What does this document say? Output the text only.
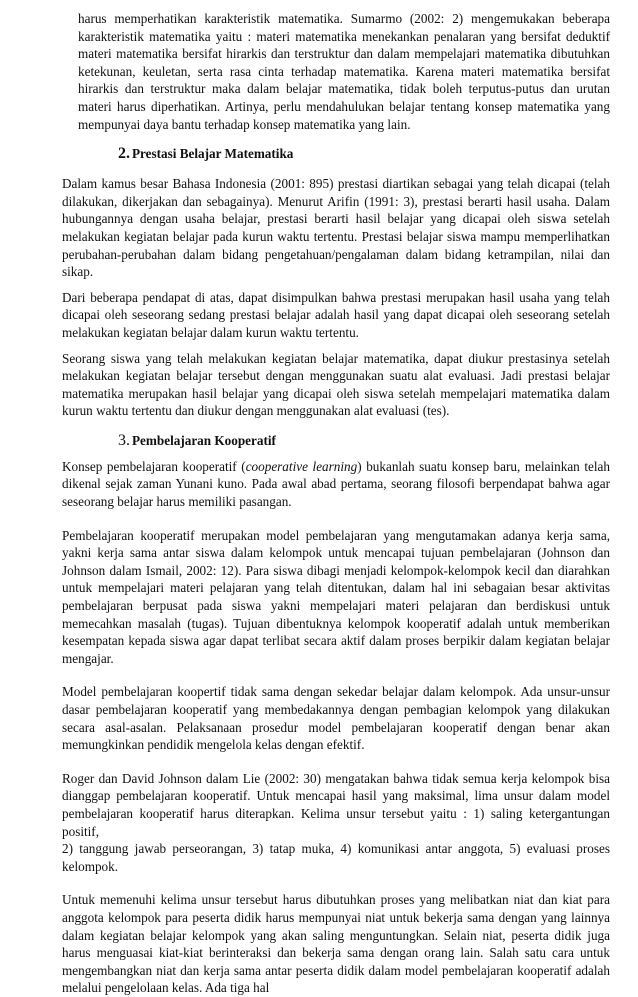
harus memperhatikan karakteristik matematika. Sumarmo (2002: 2) mengemukakan beberapa karakteristik matematika yaitu : materi matematika menekankan penalaran yang bersifat deduktif materi matematika bersifat hirarkis dan terstruktur dan dalam mempelajari matematika dibutuhkan ketekunan, keuletan, serta rasa cinta terhadap matematika. Karena materi matematika bersifat hirarkis dan terstruktur maka dalam belajar matematika, tidak boleh terputus-putus dan urutan materi harus diperhatikan. Artinya, perlu mendahulukan belajar tentang konsep matematika yang mempunyai daya bantu terhadap konsep matematika yang lain.

2. Prestasi Belajar Matematika

Dalam kamus besar Bahasa Indonesia (2001: 895) prestasi diartikan sebagai yang telah dicapai (telah dilakukan, dikerjakan dan sebagainya). Menurut Arifin (1991: 3), prestasi berarti hasil usaha. Dalam hubungannya dengan usaha belajar, prestasi berarti hasil belajar yang dicapai oleh siswa setelah melakukan kegiatan belajar pada kurun waktu tertentu. Prestasi belajar siswa mampu memperlihatkan perubahan-perubahan dalam bidang pengetahuan/pengalaman dalam bidang ketrampilan, nilai dan sikap.

Dari beberapa pendapat di atas, dapat disimpulkan bahwa prestasi merupakan hasil usaha yang telah dicapai oleh seseorang sedang prestasi belajar adalah hasil yang dapat dicapai oleh seseorang setelah melakukan kegiatan belajar dalam kurun waktu tertentu.

Seorang siswa yang telah melakukan kegiatan belajar matematika, dapat diukur prestasinya setelah melakukan kegiatan belajar tersebut dengan menggunakan suatu alat evaluasi. Jadi prestasi belajar matematika merupakan hasil belajar yang dicapai oleh siswa setelah mempelajari matematika dalam kurun waktu tertentu dan diukur dengan menggunakan alat evaluasi (tes).

3. Pembelajaran Kooperatif

Konsep pembelajaran kooperatif (cooperative learning) bukanlah suatu konsep baru, melainkan telah dikenal sejak zaman Yunani kuno. Pada awal abad pertama, seorang filosofi berpendapat bahwa agar seseorang belajar harus memiliki pasangan.

Pembelajaran kooperatif merupakan model pembelajaran yang mengutamakan adanya kerja sama, yakni kerja sama antar siswa dalam kelompok untuk mencapai tujuan pembelajaran (Johnson dan Johnson dalam Ismail, 2002: 12). Para siswa dibagi menjadi kelompok-kelompok kecil dan diarahkan untuk mempelajari materi pelajaran yang telah ditentukan, dalam hal ini sebagaian besar aktivitas pembelajaran berpusat pada siswa yakni mempelajari materi pelajaran dan berdiskusi untuk memecahkan masalah (tugas). Tujuan dibentuknya kelompok kooperatif adalah untuk memberikan kesempatan kepada siswa agar dapat terlibat secara aktif dalam proses berpikir dalam kegiatan belajar mengajar.

Model pembelajaran koopertif tidak sama dengan sekedar belajar dalam kelompok. Ada unsur-unsur dasar pembelajaran kooperatif yang membedakannya dengan pembagian kelompok yang dilakukan secara asal-asalan. Pelaksanaan prosedur model pembelajaran kooperatif dengan benar akan memungkinkan pendidik mengelola kelas dengan efektif.

Roger dan David Johnson dalam Lie (2002: 30) mengatakan bahwa tidak semua kerja kelompok bisa dianggap pembelajaran kooperatif. Untuk mencapai hasil yang maksimal, lima unsur dalam model pembelajaran kooperatif harus diterapkan. Kelima unsur tersebut yaitu : 1) saling ketergantungan positif,
2) tanggung jawab perseorangan, 3) tatap muka, 4) komunikasi antar anggota, 5) evaluasi proses kelompok.

Untuk memenuhi kelima unsur tersebut harus dibutuhkan proses yang melibatkan niat dan kiat para anggota kelompok para peserta didik harus mempunyai niat untuk bekerja sama dengan yang lainnya dalam kegiatan belajar kelompok yang akan saling menguntungkan. Selain niat, peserta didik juga harus menguasai kiat-kiat berinteraksi dan bekerja sama dengan orang lain. Salah satu cara untuk mengembangkan niat dan kerja sama antar peserta didik dalam model pembelajaran kooperatif adalah melalui pengelolaan kelas. Ada tiga hal
